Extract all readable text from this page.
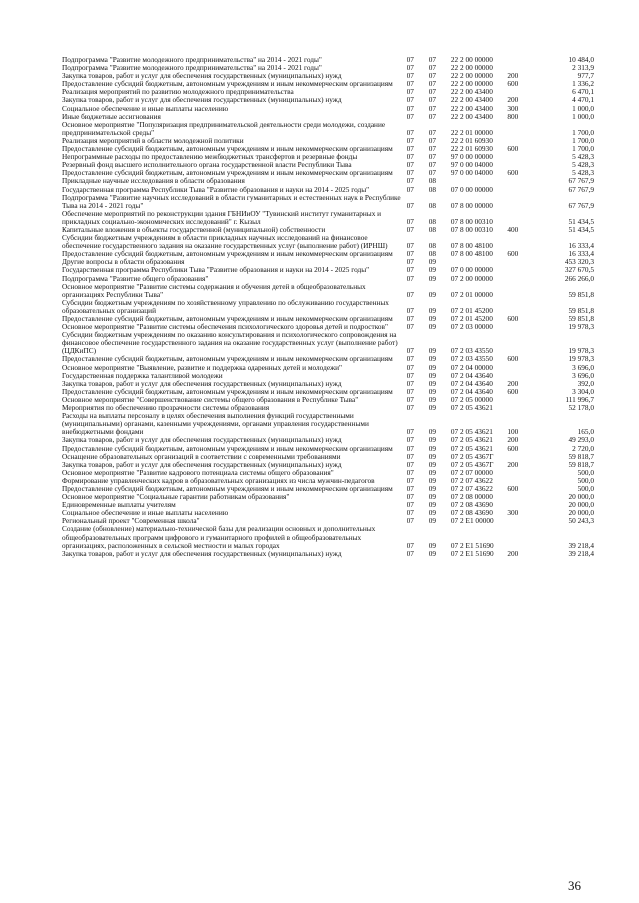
Подпрограмма "Развитие молодежного предпринимательства" на 2014 - 2021 годы"	07	07	22 2 00 00000		10 484,0
Подпрограмма "Развитие молодежного предпринимательства" на 2014 - 2021 годы"	07	07	22 2 00 00000		2 313,9
Закупка товаров, работ и услуг для обеспечения государственных (муниципальных) нужд	07	07	22 2 00 00000	200	977,7
Предоставление субсидий бюджетным, автономным учреждениям и иным некоммерческим организациям	07	07	22 2 00 00000	600	1 336,2
Реализация мероприятий по развитию молодежного предпринимательства	07	07	22 2 00 43400		6 470,1
Закупка товаров, работ и услуг для обеспечения государственных (муниципальных) нужд	07	07	22 2 00 43400	200	4 470,1
Социальное обеспечение и иные выплаты населению	07	07	22 2 00 43400	300	1 000,0
Иные бюджетные ассигнования	07	07	22 2 00 43400	800	1 000,0
Основное мероприятие "Популяризация предпринимательской деятельности среди молодежи, создание предпринимательской среды"	07	07	22 2 01 00000		1 700,0
Реализация мероприятий в области молодежной политики	07	07	22 2 01 60930		1 700,0
Предоставление субсидий бюджетным, автономным учреждениям и иным некоммерческим организациям	07	07	22 2 01 60930	600	1 700,0
Непрограммные расходы по предоставлению межбюджетных трансфертов и резервные фонды	07	07	97 0 00 00000		5 428,3
Резервный фонд высшего исполнительного органа государственной власти Республики Тыва	07	07	97 0 00 04000		5 428,3
Предоставление субсидий бюджетным, автономным учреждениям и иным некоммерческим организациям	07	07	97 0 00 04000	600	5 428,3
Прикладные научные исследования в области образования	07	08			67 767,9
Государственная программа Республики Тыва "Развитие образования и науки на 2014 - 2025 годы"	07	08	07 0 00 00000		67 767,9
Подпрограмма "Развитие научных исследований в области гуманитарных и естественных наук в Республике Тыва на 2014 - 2021 годы"	07	08	07 8 00 00000		67 767,9
Обеспечение мероприятий по реконструкции здания ГБНИиОУ "Тувинский институт гуманитарных и прикладных социально-экономических исследований" г. Кызыл	07	08	07 8 00 00310		51 434,5
Капитальные вложения в объекты государственной (муниципальной) собственности	07	08	07 8 00 00310	400	51 434,5
Субсидии бюджетным учреждениям в области прикладных научных исследований на финансовое обеспечение государственного задания на оказание государственных услуг (выполнение работ) (ИРНШ)	07	08	07 8 00 48100		16 333,4
Предоставление субсидий бюджетным, автономным учреждениям и иным некоммерческим организациям	07	08	07 8 00 48100	600	16 333,4
Другие вопросы в области образования	07	09			453 320,3
Государственная программа Республики Тыва "Развитие образования и науки на 2014 - 2025 годы"	07	09	07 0 00 00000		327 670,5
Подпрограмма "Развитие общего образования"	07	09	07 2 00 00000		266 266,0
Основное мероприятие "Развитие системы содержания и обучения детей в общеобразовательных организациях Республики Тыва"	07	09	07 2 01 00000		59 851,8
Субсидии бюджетным учреждениям по хозяйственному управлению по обслуживанию государственных образовательных организаций	07	09	07 2 01 45200		59 851,8
Предоставление субсидий бюджетным, автономным учреждениям и иным некоммерческим организациям	07	09	07 2 01 45200	600	59 851,8
Основное мероприятие "Развитие системы обеспечения психологического здоровья детей и подростков"	07	09	07 2 03 00000		19 978,3
Субсидии бюджетным учреждениям по оказанию консультирования и психологического сопровождения на финансовое обеспечение государственного задания на оказание государственных услуг (выполнение работ) (ЦДКиПС)	07	09	07 2 03 43550		19 978,3
Предоставление субсидий бюджетным, автономным учреждениям и иным некоммерческим организациям	07	09	07 2 03 43550	600	19 978,3
Основное мероприятие "Выявление, развитие и поддержка одаренных детей и молодежи"	07	09	07 2 04 00000		3 696,0
Государственная поддержка талантливой молодежи	07	09	07 2 04 43640		3 696,0
Закупка товаров, работ и услуг для обеспечения государственных (муниципальных) нужд	07	09	07 2 04 43640	200	392,0
Предоставление субсидий бюджетным, автономным учреждениям и иным некоммерческим организациям	07	09	07 2 04 43640	600	3 304,0
Основное мероприятие "Совершенствование системы общего образования в Республике Тыва"	07	09	07 2 05 00000		111 996,7
Мероприятия по обеспечению прозрачности системы образования	07	09	07 2 05 43621		52 178,0
Расходы на выплаты персоналу в целях обеспечения выполнения функций государственными (муниципальными) органами, казенными учреждениями, органами управления государственными внебюджетными фондами	07	09	07 2 05 43621	100	165,0
Закупка товаров, работ и услуг для обеспечения государственных (муниципальных) нужд	07	09	07 2 05 43621	200	49 293,0
Предоставление субсидий бюджетным, автономным учреждениям и иным некоммерческим организациям	07	09	07 2 05 43621	600	2 720,0
Оснащение образовательных организаций в соответствии с современными требованиями	07	09	07 2 05 4367Г		59 818,7
Закупка товаров, работ и услуг для обеспечения государственных (муниципальных) нужд	07	09	07 2 05 4367Г	200	59 818,7
Основное мероприятие "Развитие кадрового потенциала системы общего образования"	07	09	07 2 07 00000		500,0
Формирование управленческих кадров в образовательных организациях из числа мужчин-педагогов	07	09	07 2 07 43622		500,0
Предоставление субсидий бюджетным, автономным учреждениям и иным некоммерческим организациям	07	09	07 2 07 43622	600	500,0
Основное мероприятие "Социальные гарантии работникам образования"	07	09	07 2 08 00000		20 000,0
Единовременные выплаты учителям	07	09	07 2 08 43690		20 000,0
Социальное обеспечение и иные выплаты населению	07	09	07 2 08 43690	300	20 000,0
Региональный проект "Современная школа"	07	09	07 2 E1 00000		50 243,3
Создание (обновление) материально-технической базы для реализации основных и дополнительных общеобразовательных программ цифрового и гуманитарного профилей в общеобразовательных организациях, расположенных в сельской местности и малых городах	07	09	07 2 E1 51690		39 218,4
Закупка товаров, работ и услуг для обеспечения государственных (муниципальных) нужд	07	09	07 2 E1 51690	200	39 218,4
36
